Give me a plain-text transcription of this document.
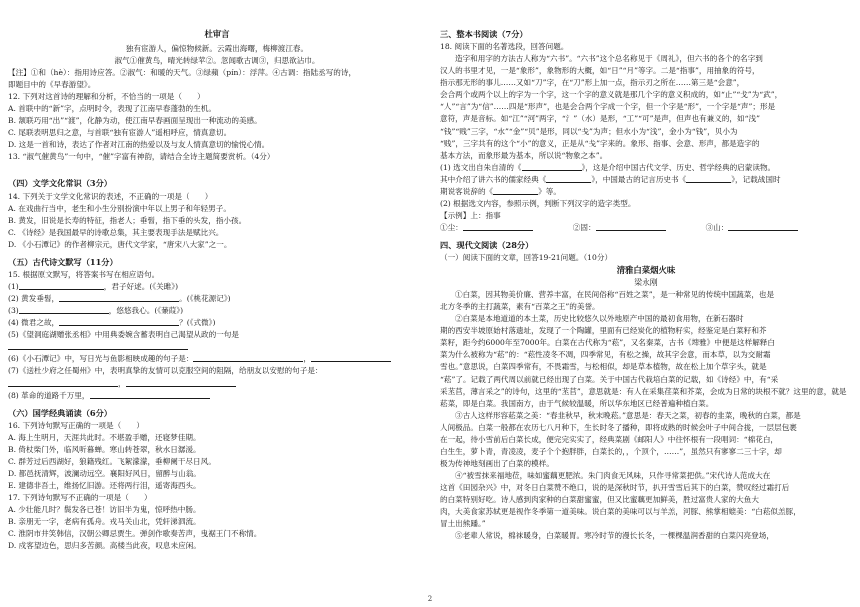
杜审言
独有宦游人，偏惊物候新。云霞出海曙，梅柳渡江春。
淑气①催黄鸟，晴光转绿苹②。忽闻歌古调③，归思欲沾巾。
【注】①和（hè）：指用诗应答。②淑气：和暖的天气。③绿蘋（pín）：浮萍。④古调：指陆丞写的诗，
即题目中的《早春游望》。
12. 下列对这首诗的理解和分析，不恰当的一项是（　　）
A. 首联中的“新”字，点明时令，表现了江南早春蓬勃的生机。
B. 颔联巧用“出”“渡”，化静为动，使江南早春画面呈现出一种流动的美感。
C. 尾联表明思归之意，与首联“独有宦游人”遥相呼应，情真意切。
D. 这是一首和诗，表达了作者对江南的热爱以及与友人情真意切的愉悦心情。
13. “淑气催黄鸟”一句中，“催”字富有神韵，请结合全诗主题简要赏析。（4分）
（四）文学文化常识（3分）
14. 下列关于文学文化常识的表述，不正确的一项是（　　）
A. 在戏曲行当中，老生和小生分别扮演中年以上男子和年轻男子。
B. 黄发，旧说是长寿的特征，指老人；垂髫，指下垂的头发，指小孩。
C. 《诗经》是我国最早的诗歌总集，其主要表现手法是赋比兴。
D. 《小石潭记》的作者柳宗元，唐代文学家，“唐宋八大家”之一。
（五）古代诗文默写（11分）
15. 根据原文默写，将答案书写在相应语句。
(1)	，君子好逑。(《关雎》)
(2) 黄发垂髫，	。(《桃花源记》)
(3)	，悠悠我心。(《蒹葭》)
(4) 微君之故，	？(《式微》)
(5)《望洞庭湖赠张丞相》中用典委婉含蓄表明自己渴望从政的一句是
(6)《小石潭记》中，写日光与鱼影相映成趣的句子是：	，
(7)《送杜少府之任蜀州》中，表明真挚的友情可以克服空间的阻隔，给朋友以安慰的句子是：
，
(8) 革命的道路千万里，
（六）国学经典诵读（6分）
16. 下列诗句默写正确的一项是（　　）
A. 海上生明月，天涯共此时。不堪盈手赠，还寝梦佳期。
B. 倚杖柴门外，临风听暮蝉。寒山转苍翠，秋水日潺湲。
C. 群芳过后西湖好，狼籍残红。飞絮濛濛，垂柳阑干尽日风。
D. 都邑抚清辉，波澜动远空。襄阳好风日，留醉与山翁。
E. 建德非吾土，维扬忆旧游。还将两行泪，遥寄海西头。
17. 下列诗句默写不正确的一项是（　　）
A. 少壮能几时？鬓发各已苍！访旧半为鬼，惊呼热中肠。
B. 亲朋无一字，老病有孤舟。戎马关山北，凭轩涕泗流。
C. 淮阴市井笑韩信，汉朝公卿忌贾生。弹剑作歌奏苦声，曳裾王门不称情。
D. 戍客望边色，思归多苦颜。高楼当此夜，叹息未应闲。
三、整本书阅读（7分）
18. 阅读下面的名著选段，回答问题。
造字和用字的方法古人称为“六书”。“六书”这个总名称见于《周礼》，但六书的各个的名字到
汉人的书里才见，一是“象形”，象物形的大概，如“日”“月”等字。二是“指事”，用抽象的符号，
指示那无形的事儿……又如“刀”字，在“刀”形上加一点，指示刃之所在……第三是“会意”，
会合两个或两个以上的字为一个字，这一个字的意义就是那几个字的意义积成的，如“止”“戈”为“武”，
“人”“言”为“信”……四是“形声”，也是会合两个字成一个字，但一个字是“形”，一个字是“声”；形是
意符，声是音标。如“江”“河”两字，“氵”（水）是形，“工”“可”是声，但声也有兼义的，如“浅”
“钱”“贱”三字，“水”“金”“贝”是形，同以“戋”为声；但水小为“浅”，金小为“钱”，贝小为
“贱”，三字共有的这个“小”的意义，正是从“戋”字来的。象形、指事、会意、形声，都是造字的
基本方法，而象形最为基本，所以说“物象之本”。
(1) 选文出自朱自清的《	》，这是介绍中国古代文学、历史、哲学经典的启蒙读物。
其中介绍了讲六书的儒家经典《	》，中国最古的记言历史书《	》，记载战国时
期说客说辞的《	》等。
(2) 根据选文内容，参照示例，判断下列汉字的造字类型。
【示例】上：指事
①尘：	②固：	③山：
四、现代文阅读（28分）
（一）阅读下面的文章，回答19-21问题。（10分）
清雅白菜烟火味
梁永刚
①白菜，因其物美价廉、营养丰富，在民间俗称“百姓之菜”，是一种常见的传统中国蔬菜，也是
北方冬季的主打蔬菜，素有“百菜之王”的美誉。
②白菜是本地道道的本土菜，历史比较悠久以外地原产中国的最初食用物，在新石器时
期的西安半坡原始村落遗址，发现了一个陶罐，里面有已经炭化的植物籽实，经鉴定是白菜籽和芥
菜籽，距今约6000年至7000年。白菜在古代称为“菘”，又名秦菜，古书《埤雅》中便是这样解释白
菜为什么被称为“菘”的：“菘性凌冬不凋，四季常见，有松之操，故其字会意，而本草，以为交耐霜
雪也。”意思说，白菜四季常有，不畏霜雪，与松相似，却是草本植物，故在松上加个草字头，就是
“菘”了。记载了两代周以前就已经出现了白菜。关于中国古代栽培白菜的记载，如《诗经》中，有“采
采苤苢，薄言采之”的诗句，这里的“苤苢”，意思就是：有人在采集荏菜和芥菜，会成为日常的块根不就？这里的意，就是
菘菜，即是白菜。我国南方，由于气候较温暖，所以华东地区已经普遍种植白菜。
③古人这样形容菘菜之美：“春韭秋早，秋末晚菘。”意思是：春天之菜，初春的韭菜，晚秋的白菜，都是
人间极品。白菜一般都在农历七八月种下，生长时冬了播种，即将成熟的时候会叶子中间合拢，一层层包裹
在一起，待小雪前后白菜长成，便完完实实了，经典菜剧《邮阳人》中往怀根有一段唱词：“棉花白，
白生生，萝卜青，青凌凌，麦子个个抱胖胖，白菜长的，，个顶个，……”，虽然只有寥寥二三十字，却
极为传神地刻画出了白菜的模样。
④“被雪抹来福地莅，味如蜜藕更肥浓。朱门肉食无风味，只作寻常菜把供。”宋代诗人范成大在
这首《田园杂兴》中，对冬日白菜赞不绝口，说的是深秋时节，扒开雪雪后其下的白菜，赞叹经过霜打后
的白菜特别好吃。诗人感到肉家种的白菜甜蜜蜜，但又比蜜藕更加鲜美，胜过富贵人家的大鱼大
肉，大美食家苏轼更是视作冬季第一道美味。说白菜的美味可以与羊羔，河豚、熊掌相媲美：“白菘似羔豚，
冒土出熊蹯。”
⑤老辈人常说，棉袜暖身，白菜暖胃。寒冷时节的漫长长冬，一棵棵温润香甜的白菜闪亮登场，
2
